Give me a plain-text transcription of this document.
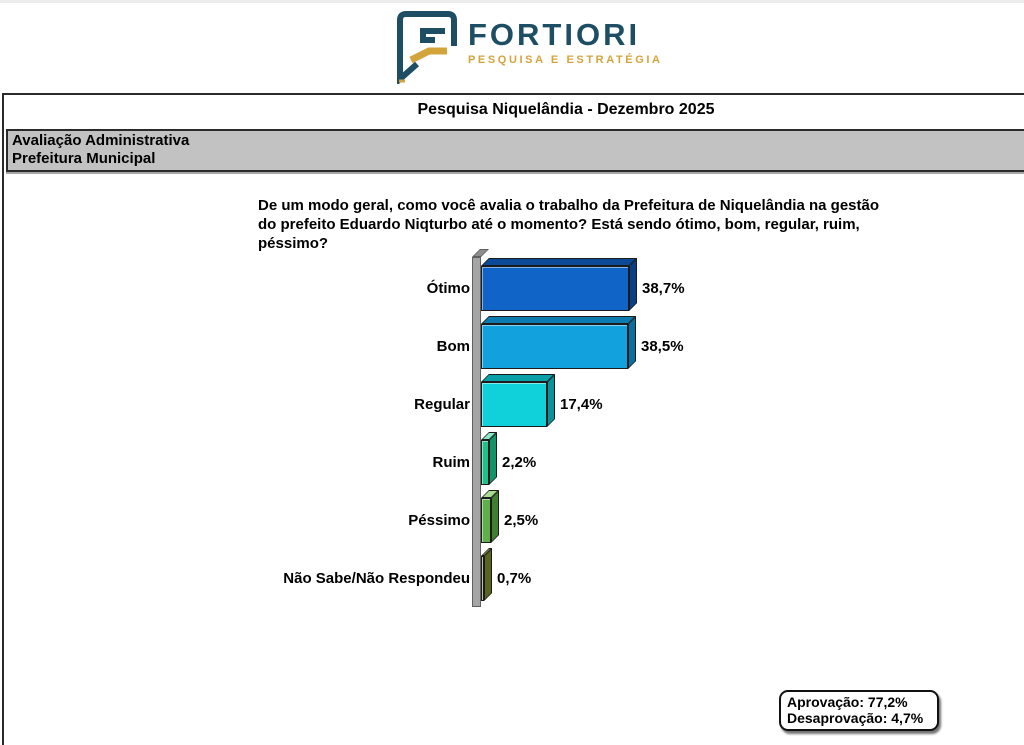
FORTIORI
PESQUISA E ESTRATÉGIA
Pesquisa Niquelândia - Dezembro 2025
Avaliação Administrativa
Prefeitura Municipal
De um modo geral, como você avalia o trabalho da Prefeitura de Niquelândia na gestão
do prefeito Eduardo Niqturbo até o momento? Está sendo ótimo, bom, regular, ruim,
péssimo?
Ótimo	38,7%
Bom	38,5%
Regular	17,4%
Ruim 2,2%
Péssimo 2,5%
Não Sabe/Não Respondeu 0,7%
Aprovação: 77,2%
Desaprovação: 4,7%
